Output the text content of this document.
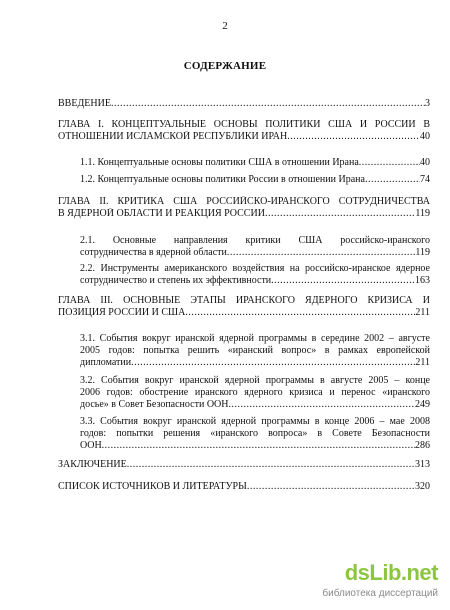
2
СОДЕРЖАНИЕ
ВВЕДЕНИЕ .....	3
ГЛАВА I. КОНЦЕПТУАЛЬНЫЕ ОСНОВЫ ПОЛИТИКИ США И РОССИИ В
ОТНОШЕНИИ ИСЛАМСКОЙ РЕСПУБЛИКИ ИРАН .....	40
1.1. Концептуальные основы политики США в отношении Ирана .....	40
1.2. Концептуальные основы политики России в отношении Ирана .....	74
ГЛАВА II. КРИТИКА США РОССИЙСКО-ИРАНСКОГО СОТРУДНИЧЕСТВА
В ЯДЕРНОЙ ОБЛАСТИ И РЕАКЦИЯ РОССИИ .....	119
2.1. Основные направления критики США российско-иранского
сотрудничества в ядерной области .....	119
2.2. Инструменты американского воздействия на российско-иранское ядерное
сотрудничество и степень их эффективности .....	163
ГЛАВА III. ОСНОВНЫЕ ЭТАПЫ ИРАНСКОГО ЯДЕРНОГО КРИЗИСА И
ПОЗИЦИЯ РОССИИ И США .....	211
3.1. События вокруг иранской ядерной программы в середине 2002 – августе
2005 годов: попытка решить «иранский вопрос» в рамках европейской
дипломатии .....	211
3.2. События вокруг иранской ядерной программы в августе 2005 – конце
2006 годов: обострение иранского ядерного кризиса и перенос «иранского
досье» в Совет Безопасности ООН .....	249
3.3. События вокруг иранской ядерной программы в конце 2006 – мае 2008
годов: попытки решения «иранского вопроса» в Совете Безопасности
ООН .....	286
ЗАКЛЮЧЕНИЕ .....	313
СПИСОК ИСТОЧНИКОВ И ЛИТЕРАТУРЫ .....	320
dsLib.net
библиотека диссертаций
